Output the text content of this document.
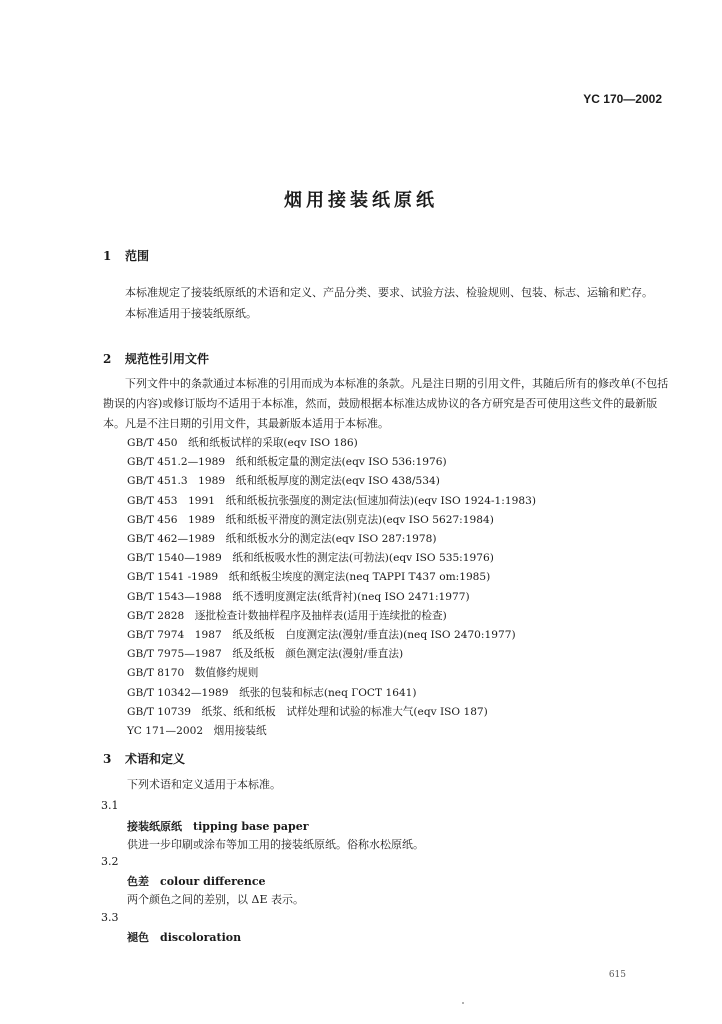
YC 170—2002
烟用接装纸原纸
1 范围

本标准规定了接装纸原纸的术语和定义、产品分类、要求、试验方法、检验规则、包装、标志、运输和贮存。

本标准适用于接装纸原纸。

2 规范性引用文件

下列文件中的条款通过本标准的引用而成为本标准的条款。凡是注日期的引用文件，其随后所有的修改单(不包括勘误的内容)或修订版均不适用于本标准，然而，鼓励根据本标准达成协议的各方研究是否可使用这些文件的最新版本。凡是不注日期的引用文件，其最新版本适用于本标准。

GB/T 450　纸和纸板试样的采取(eqv ISO 186)
GB/T 451.2—1989　纸和纸板定量的测定法(eqv ISO 536:1976)
GB/T 451.3　1989　纸和纸板厚度的测定法(eqv ISO 438/534)
GB/T 453　1991　纸和纸板抗张强度的测定法(恒速加荷法)(eqv ISO 1924-1:1983)
GB/T 456　1989　纸和纸板平滑度的测定法(别克法)(eqv ISO 5627:1984)
GB/T 462—1989　纸和纸板水分的测定法(eqv ISO 287:1978)
GB/T 1540—1989　纸和纸板吸水性的测定法(可勃法)(eqv ISO 535:1976)
GB/T 1541 -1989　纸和纸板尘埃度的测定法(neq TAPPI T437 om:1985)
GB/T 1543—1988　纸不透明度测定法(纸背衬)(neq ISO 2471:1977)
GB/T 2828　逐批检查计数抽样程序及抽样表(适用于连续批的检查)
GB/T 7974　1987　纸及纸板　白度测定法(漫射/垂直法)(neq ISO 2470:1977)
GB/T 7975—1987　纸及纸板　颜色测定法(漫射/垂直法)
GB/T 8170　数值修约规则
GB/T 10342—1989　纸张的包装和标志(neq ГОСТ 1641)
GB/T 10739　纸浆、纸和纸板　试样处理和试验的标准大气(eqv ISO 187)
YC 171—2002　烟用接装纸
3 术语和定义
下列术语和定义适用于本标准。
3.1
接装纸原纸　tipping base paper
供进一步印刷或涂布等加工用的接装纸原纸。俗称水松原纸。
3.2
色差　colour difference
两个颜色之间的差别，以 ΔE 表示。
3.3
褪色　discoloration
615
